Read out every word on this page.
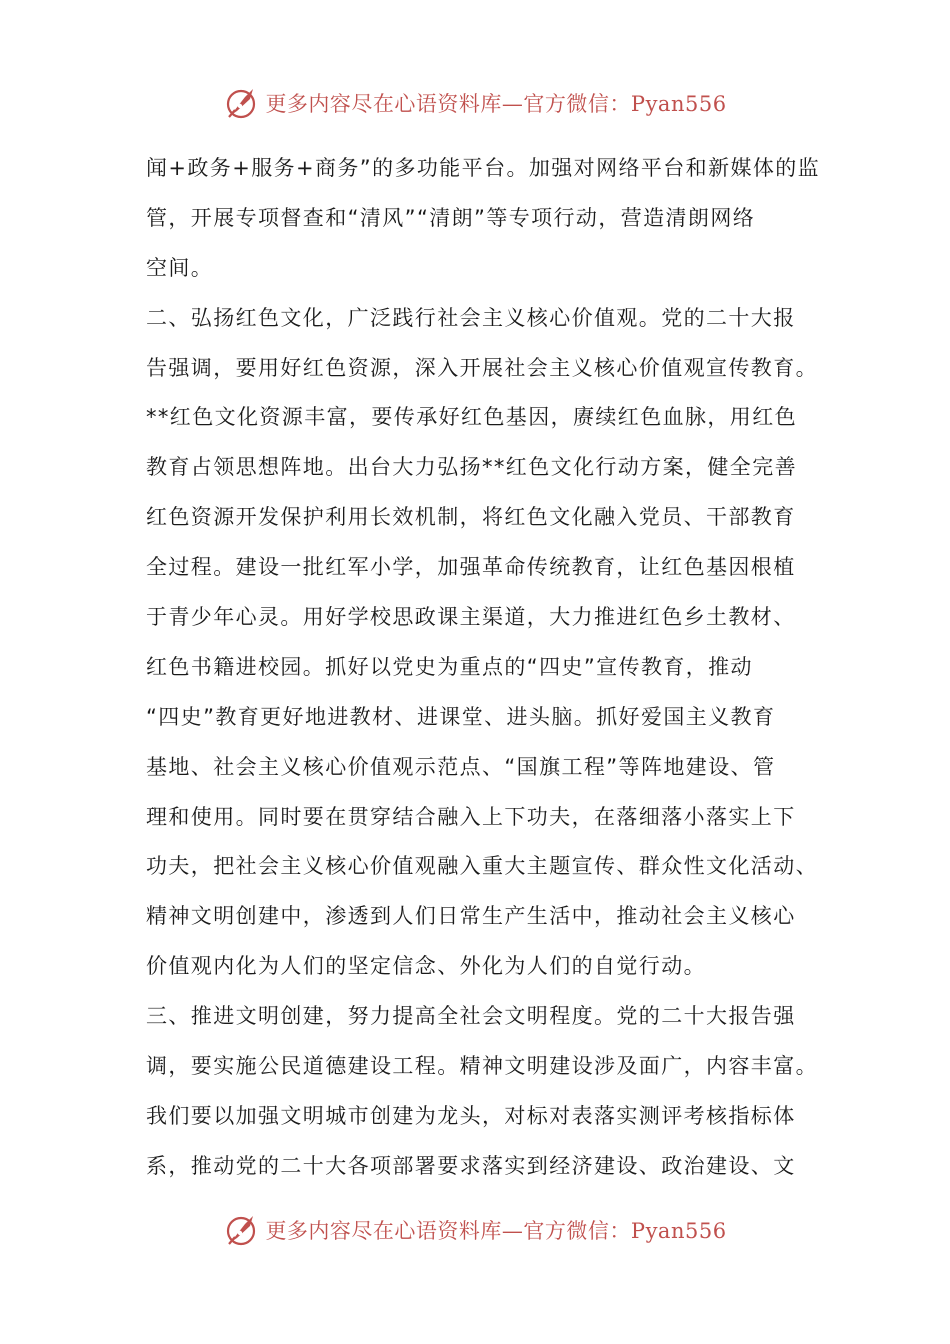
更多内容尽在心语资料库—官方微信：Pyan556
闻+政务+服务+商务”的多功能平台。加强对网络平台和新媒体的监
管，开展专项督查和“清风”“清朗”等专项行动，营造清朗网络
空间。
二、弘扬红色文化，广泛践行社会主义核心价值观。党的二十大报
告强调，要用好红色资源，深入开展社会主义核心价值观宣传教育。
**红色文化资源丰富，要传承好红色基因，赓续红色血脉，用红色
教育占领思想阵地。出台大力弘扬**红色文化行动方案，健全完善
红色资源开发保护利用长效机制，将红色文化融入党员、干部教育
全过程。建设一批红军小学，加强革命传统教育，让红色基因根植
于青少年心灵。用好学校思政课主渠道，大力推进红色乡土教材、
红色书籍进校园。抓好以党史为重点的“四史”宣传教育，推动
“四史”教育更好地进教材、进课堂、进头脑。抓好爱国主义教育
基地、社会主义核心价值观示范点、“国旗工程”等阵地建设、管
理和使用。同时要在贯穿结合融入上下功夫，在落细落小落实上下
功夫，把社会主义核心价值观融入重大主题宣传、群众性文化活动、
精神文明创建中，渗透到人们日常生产生活中，推动社会主义核心
价值观内化为人们的坚定信念、外化为人们的自觉行动。
三、推进文明创建，努力提高全社会文明程度。党的二十大报告强
调，要实施公民道德建设工程。精神文明建设涉及面广，内容丰富。
我们要以加强文明城市创建为龙头，对标对表落实测评考核指标体
系，推动党的二十大各项部署要求落实到经济建设、政治建设、文
更多内容尽在心语资料库—官方微信：Pyan556
